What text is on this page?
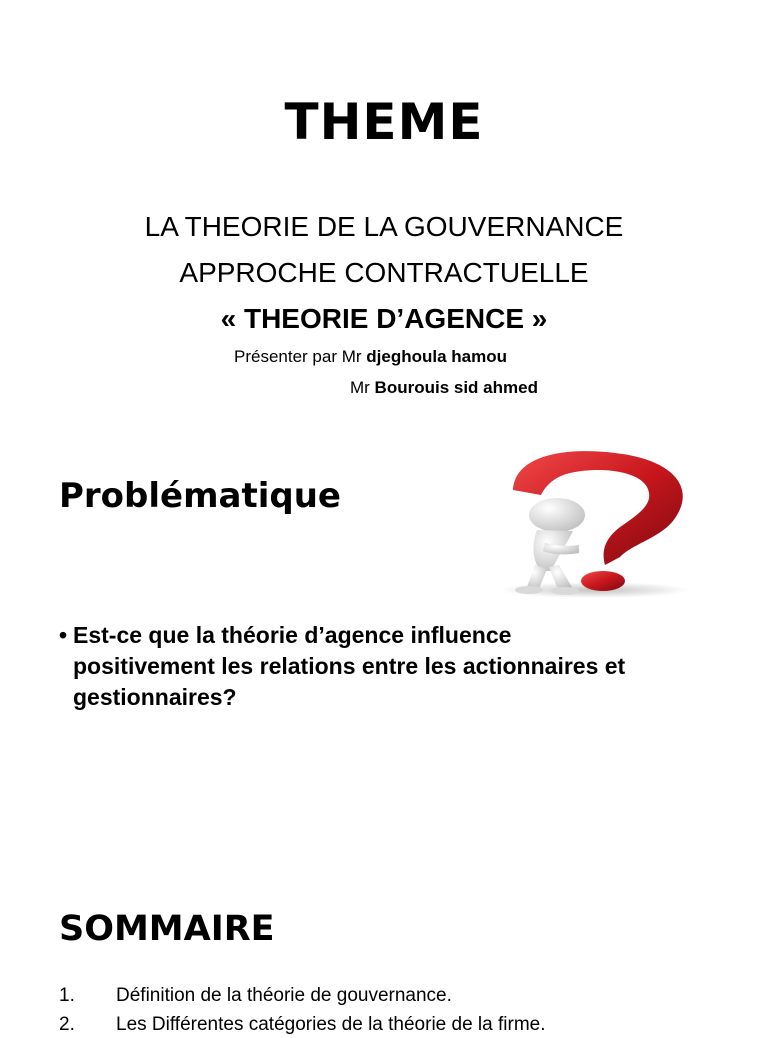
THEME
LA THEORIE DE LA GOUVERNANCE
APPROCHE CONTRACTUELLE
« THEORIE D’AGENCE »
Présenter par Mr djeghoula hamou
Mr Bourouis sid ahmed
Problématique
• Est-ce que la théorie d’agence influence
positivement les relations entre les actionnaires et
gestionnaires?
SOMMAIRE
1. Définition de la théorie de gouvernance.
2. Les Différentes catégories de la théorie de la firme.
